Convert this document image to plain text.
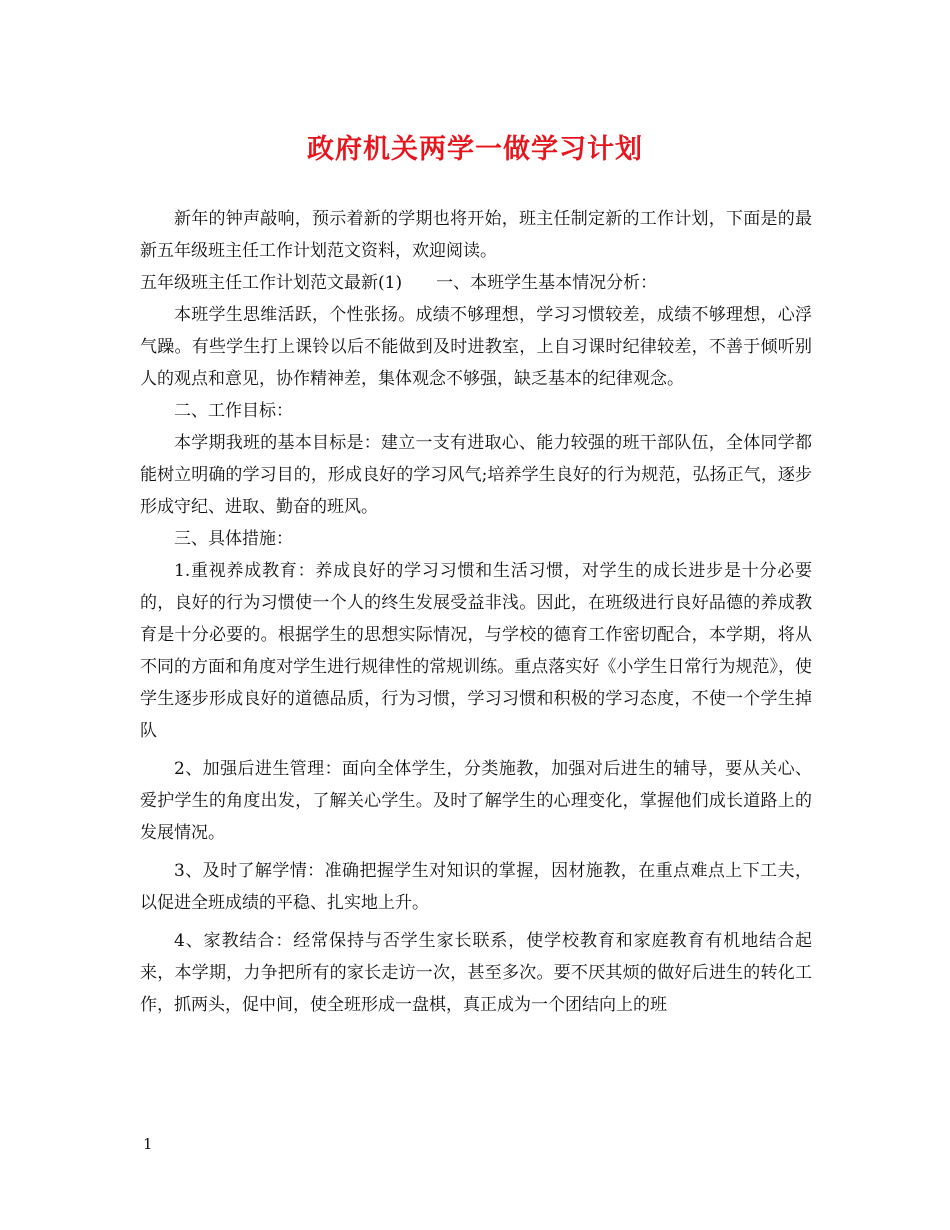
政府机关两学一做学习计划

新年的钟声敲响，预示着新的学期也将开始，班主任制定新的工作计划，下面是的最新五年级班主任工作计划范文资料，欢迎阅读。

五年级班主任工作计划范文最新(1)　　一、本班学生基本情况分析：

本班学生思维活跃，个性张扬。成绩不够理想，学习习惯较差，成绩不够理想，心浮气躁。有些学生打上课铃以后不能做到及时进教室，上自习课时纪律较差，不善于倾听别人的观点和意见，协作精神差，集体观念不够强，缺乏基本的纪律观念。

二、工作目标：

本学期我班的基本目标是：建立一支有进取心、能力较强的班干部队伍，全体同学都能树立明确的学习目的，形成良好的学习风气;培养学生良好的行为规范，弘扬正气，逐步形成守纪、进取、勤奋的班风。

三、具体措施：

1.重视养成教育：养成良好的学习习惯和生活习惯，对学生的成长进步是十分必要的，良好的行为习惯使一个人的终生发展受益非浅。因此，在班级进行良好品德的养成教育是十分必要的。根据学生的思想实际情况，与学校的德育工作密切配合，本学期，将从不同的方面和角度对学生进行规律性的常规训练。重点落实好《小学生日常行为规范》，使学生逐步形成良好的道德品质，行为习惯，学习习惯和积极的学习态度，不使一个学生掉队

2、加强后进生管理：面向全体学生，分类施教，加强对后进生的辅导，要从关心、爱护学生的角度出发，了解关心学生。及时了解学生的心理变化，掌握他们成长道路上的发展情况。

3、及时了解学情：准确把握学生对知识的掌握，因材施教，在重点难点上下工夫，以促进全班成绩的平稳、扎实地上升。

4、家教结合：经常保持与否学生家长联系，使学校教育和家庭教育有机地结合起来，本学期，力争把所有的家长走访一次，甚至多次。要不厌其烦的做好后进生的转化工作，抓两头，促中间，使全班形成一盘棋，真正成为一个团结向上的班

1
